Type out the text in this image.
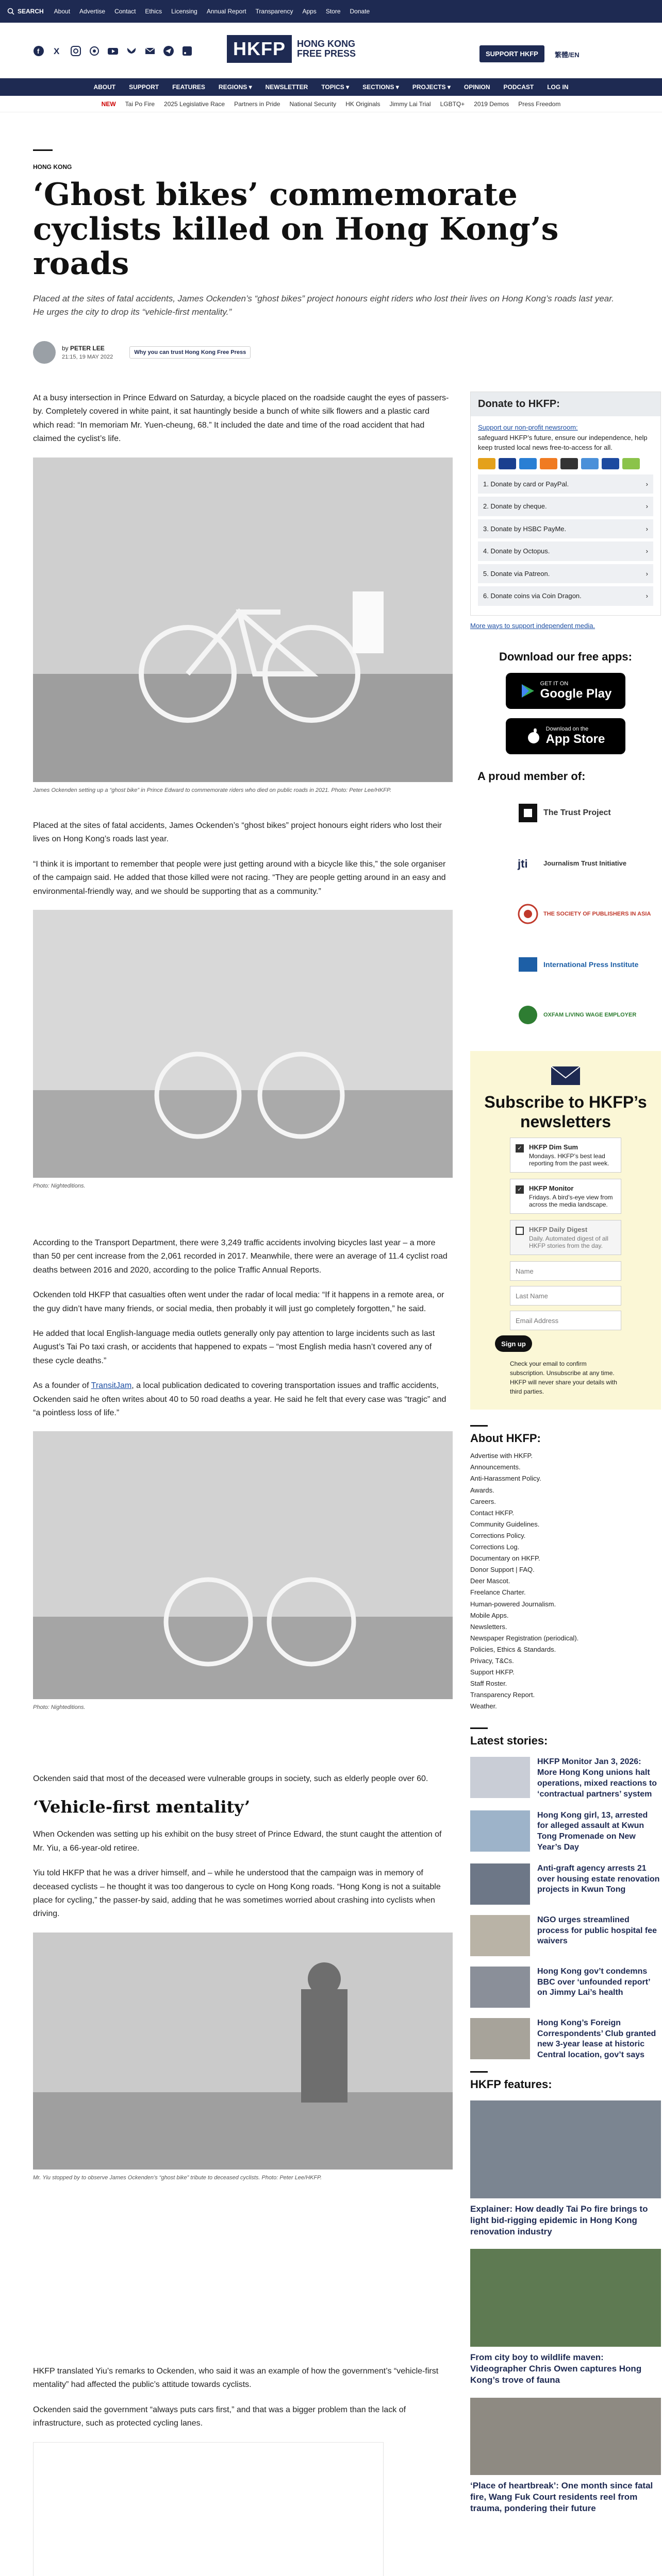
SEARCH About Advertise Contact Ethics Licensing Annual Report Transparency Apps Store Donate
f X	HKFP	HONG KONG
FREE PRESS	SUPPORT HKFP	繁體/EN
ABOUT SUPPORT FEATURES REGIONS ▾ NEWSLETTER TOPICS ▾ SECTIONS ▾ PROJECTS ▾ OPINION PODCAST LOG IN
NEW Tai Po Fire 2025 Legislative Race Partners in Pride National Security HK Originals Jimmy Lai Trial LGBTQ+ 2019 Demos Press Freedom
HONG KONG
‘Ghost bikes’ commemorate cyclists killed on Hong Kong’s roads
Placed at the sites of fatal accidents, James Ockenden’s “ghost bikes” project honours eight riders who lost their lives on Hong Kong’s roads last year. He urges the city to drop its “vehicle-first mentality.”
by PETER LEE
21:15, 19 MAY 2022
Why you can trust Hong Kong Free Press

At a busy intersection in Prince Edward on Saturday, a bicycle placed on the roadside caught the eyes of passers-by. Completely covered in white paint, it sat hauntingly beside a bunch of white silk flowers and a plastic card which read: “In memoriam Mr. Yuen-cheung, 68.” It included the date and time of the road accident that had claimed the cyclist’s life.

James Ockenden setting up a “ghost bike” in Prince Edward to commemorate riders who died on public roads in 2021. Photo: Peter Lee/HKFP.

Placed at the sites of fatal accidents, James Ockenden’s “ghost bikes” project honours eight riders who lost their lives on Hong Kong’s roads last year.

“I think it is important to remember that people were just getting around with a bicycle like this,” the sole organiser of the campaign said. He added that those killed were not racing. “They are people getting around in an easy and environmental-friendly way, and we should be supporting that as a community.”

Photo: Nighteditions.

According to the Transport Department, there were 3,249 traffic accidents involving bicycles last year – a more than 50 per cent increase from the 2,061 recorded in 2017. Meanwhile, there were an average of 11.4 cyclist road deaths between 2016 and 2020, according to the police Traffic Annual Reports.

Ockenden told HKFP that casualties often went under the radar of local media: “If it happens in a remote area, or the guy didn’t have many friends, or social media, then probably it will just go completely forgotten,” he said.

He added that local English-language media outlets generally only pay attention to large incidents such as last August’s Tai Po taxi crash, or accidents that happened to expats – “most English media hasn’t covered any of these cycle deaths.”

As a founder of TransitJam, a local publication dedicated to covering transportation issues and traffic accidents, Ockenden said he often writes about 40 to 50 road deaths a year. He said he felt that every case was “tragic” and “a pointless loss of life.”

Photo: Nighteditions.

Ockenden said that most of the deceased were vulnerable groups in society, such as elderly people over 60.

‘Vehicle-first mentality’

When Ockenden was setting up his exhibit on the busy street of Prince Edward, the stunt caught the attention of Mr. Yiu, a 66-year-old retiree.

Yiu told HKFP that he was a driver himself, and – while he understood that the campaign was in memory of deceased cyclists – he thought it was too dangerous to cycle on Hong Kong roads. “Hong Kong is not a suitable place for cycling,” the passer-by said, adding that he was sometimes worried about crashing into cyclists when driving.

Mr. Yiu stopped by to observe James Ockenden’s “ghost bike” tribute to deceased cyclists. Photo: Peter Lee/HKFP.

HKFP translated Yiu’s remarks to Ockenden, who said it was an example of how the government’s “vehicle-first mentality” had affected the public’s attitude towards cyclists.

Ockenden said the government “always puts cars first,” and that was a bigger problem than the lack of infrastructure, such as protected cycling lanes.

Donate to HKFP:
Support our non-profit newsroom:
safeguard HKFP’s future, ensure our independence, help keep trusted local news free-to-access for all.
1. Donate by card or PayPal.	›
2. Donate by cheque.	›
3. Donate by HSBC PayMe.	›
4. Donate by Octopus.	›
5. Donate via Patreon.	›
6. Donate coins via Coin Dragon.	›
More ways to support independent media.
Download our free apps:
GET IT ON
Google Play
Download on the
App Store
A proud member of:
The Trust Project
jti Journalism Trust Initiative
THE SOCIETY OF PUBLISHERS IN ASIA
International Press Institute
OXFAM LIVING WAGE EMPLOYER
Subscribe to HKFP’s newsletters
✓ HKFP Dim Sum
Mondays. HKFP’s best lead reporting from the past week.
✓ HKFP Monitor
Fridays. A bird’s-eye view from across the media landscape.
HKFP Daily Digest
Daily. Automated digest of all HKFP stories from the day.
Name
Last Name
Email Address
Sign up
Check your email to confirm subscription. Unsubscribe at any time. HKFP will never share your details with third parties.
About HKFP:
Advertise with HKFP.
Announcements.
Anti-Harassment Policy.
Awards.
Careers.
Contact HKFP.
Community Guidelines.
Corrections Policy.
Corrections Log.
Documentary on HKFP.
Donor Support | FAQ.
Deer Mascot.
Freelance Charter.
Human-powered Journalism.
Mobile Apps.
Newsletters.
Newspaper Registration (periodical).
Policies, Ethics & Standards.
Privacy, T&Cs.
Support HKFP.
Staff Roster.
Transparency Report.
Weather.
Latest stories:
HKFP Monitor Jan 3, 2026: More Hong Kong unions halt operations, mixed reactions to ‘contractual partners’ system
Hong Kong girl, 13, arrested for alleged assault at Kwun Tong Promenade on New Year’s Day
Anti-graft agency arrests 21 over housing estate renovation projects in Kwun Tong
NGO urges streamlined process for public hospital fee waivers
Hong Kong gov’t condemns BBC over ‘unfounded report’ on Jimmy Lai’s health
Hong Kong’s Foreign Correspondents’ Club granted new 3-year lease at historic Central location, gov’t says
HKFP features:
Explainer: How deadly Tai Po fire brings to light bid-rigging epidemic in Hong Kong renovation industry
From city boy to wildlife maven: Videographer Chris Owen captures Hong Kong’s trove of fauna
‘Place of heartbreak’: One month since fatal fire, Wang Fuk Court residents reel from trauma, pondering their future
